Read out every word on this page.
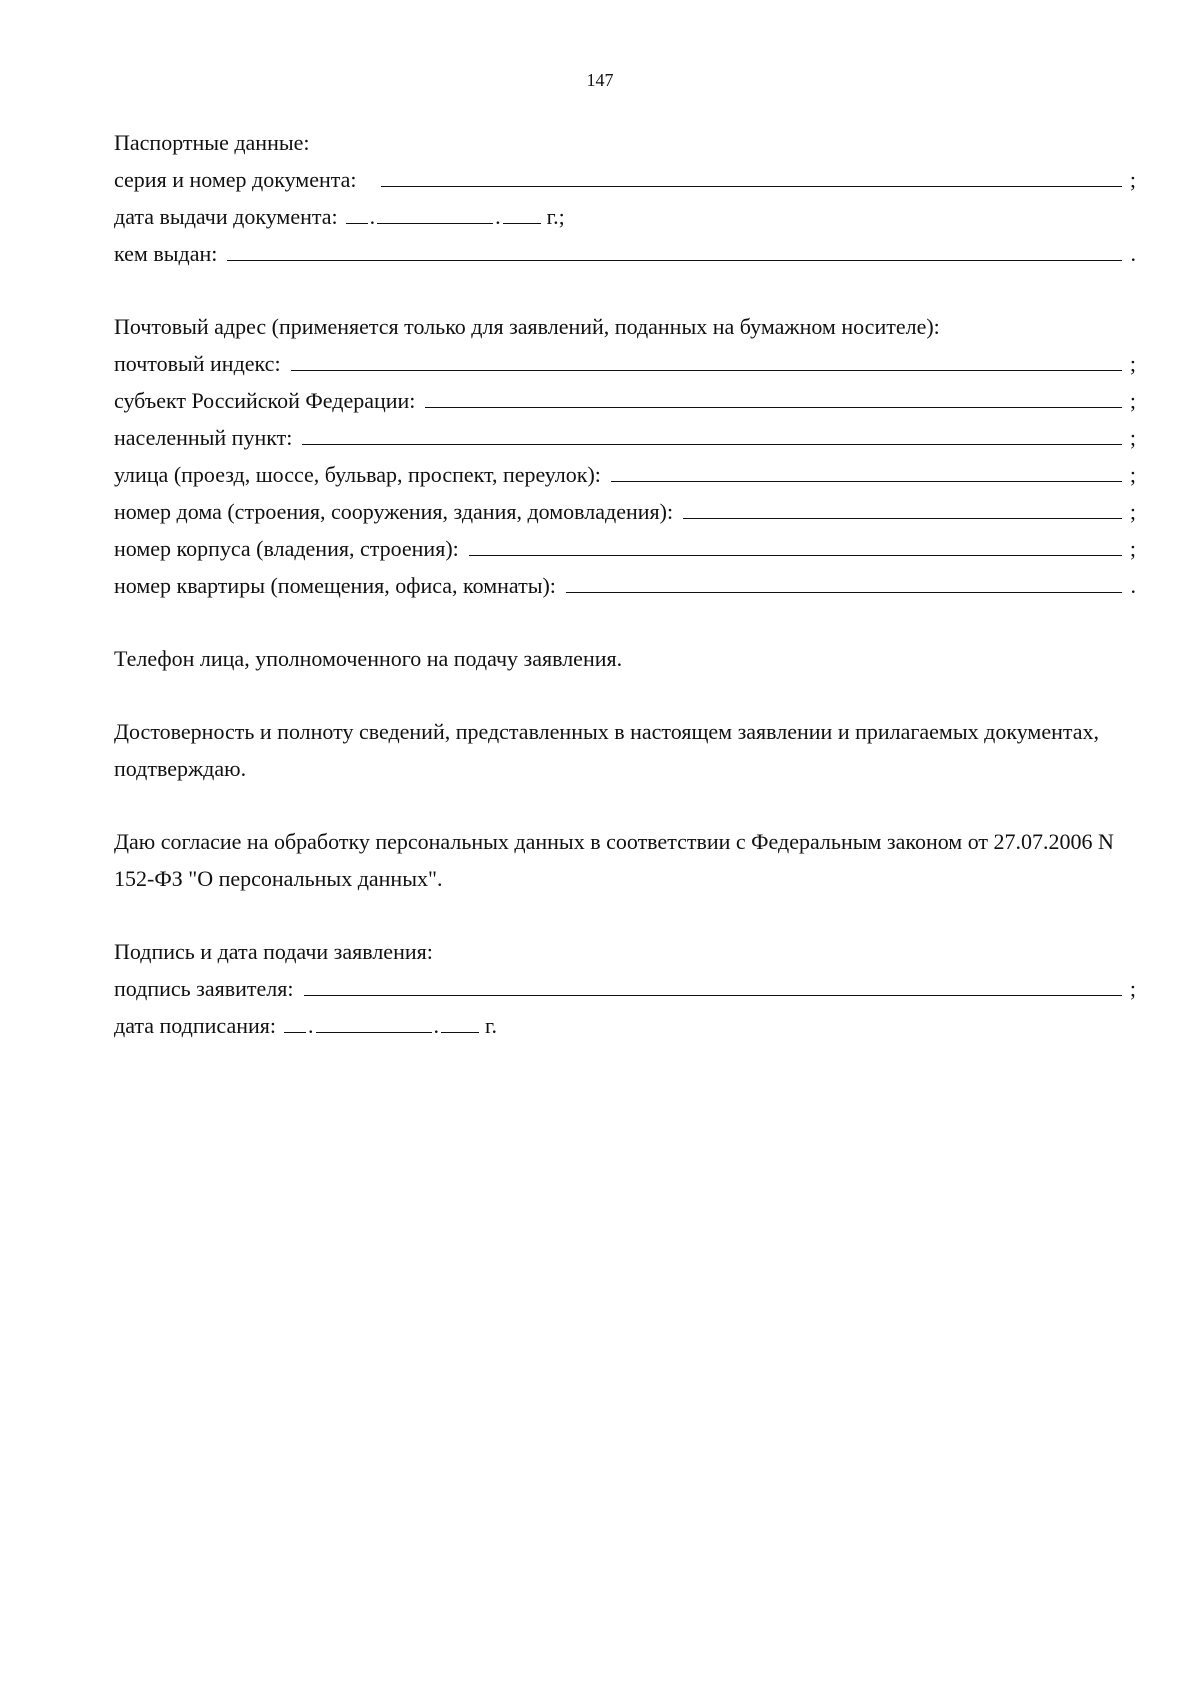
147
Паспортные данные:
серия и номер документа:	;
дата выдачи документа: .	. г.;
кем выдан:	.
Почтовый адрес (применяется только для заявлений, поданных на бумажном носителе):
почтовый индекс:	;
субъект Российской Федерации:	;
населенный пункт:	;
улица (проезд, шоссе, бульвар, проспект, переулок):	;
номер дома (строения, сооружения, здания, домовладения):	;
номер корпуса (владения, строения):	;
номер квартиры (помещения, офиса, комнаты):	.

Телефон лица, уполномоченного на подачу заявления.

Достоверность и полноту сведений, представленных в настоящем заявлении и прилагаемых документах, подтверждаю.

Даю согласие на обработку персональных данных в соответствии с Федеральным законом от 27.07.2006 N 152-ФЗ "О персональных данных".

Подпись и дата подачи заявления:
подпись заявителя:	;
дата подписания: .	. г.
